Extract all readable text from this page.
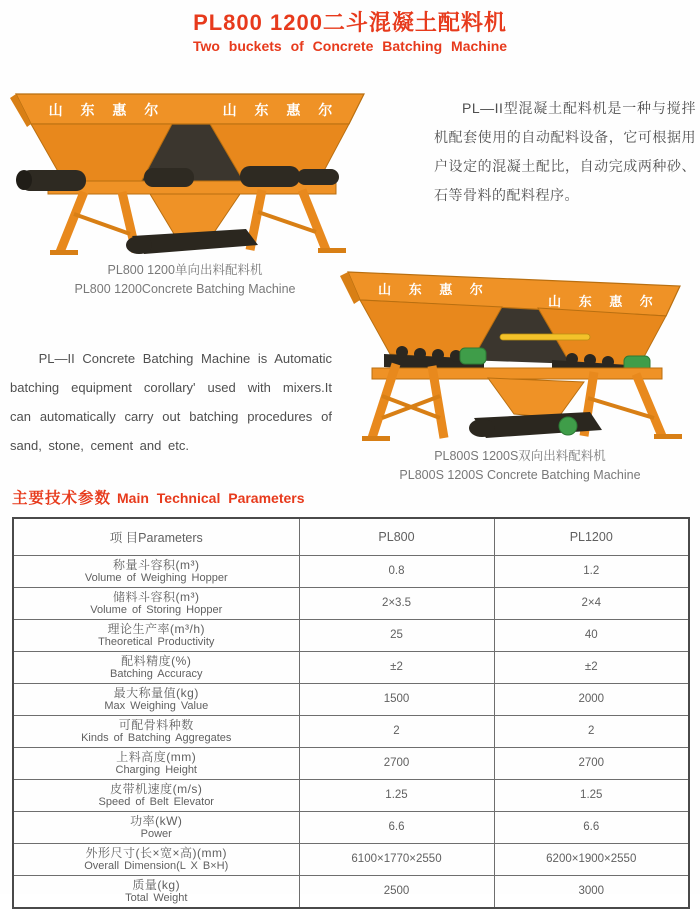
PL800 1200二斗混凝土配料机
Two buckets of Concrete Batching Machine
山 东 惠 尔	山 东 惠 尔
PL800 1200单向出料配料机
PL800 1200Concrete Batching Machine

PL—II型混凝土配料机是一种与搅拌机配套使用的自动配料设备，它可根据用户设定的混凝土配比，自动完成两种砂、石等骨料的配料程序。

PL—II Concrete Batching Machine is Automatic batching equipment corollary' used with mixers.It can automatically carry out batching procedures of sand, stone, cement and etc.

山 东 惠 尔
山 东 惠 尔
PL800S 1200S双向出料配料机
PL800S 1200S Concrete Batching Machine
主要技术参数 Main Technical Parameters
项 目Parameters	PL800	PL1200

称量斗容积(m³)
Volume of Weighing Hopper	0.8	1.2

储料斗容积(m³)
Volume of Storing Hopper	2×3.5	2×4

理论生产率(m³/h)
Theoretical Productivity	25	40

配料精度(%)
Batching Accuracy	±2	±2

最大称量值(kg)
Max Weighing Value	1500	2000

可配骨料种数
Kinds of Batching Aggregates	2	2

上料高度(mm)
Charging Height	2700	2700

皮带机速度(m/s)
Speed of Belt Elevator	1.25	1.25

功率(kW)
Power	6.6	6.6

外形尺寸(长×宽×高)(mm)
Overall Dimension(L X B×H)	6100×1770×2550	6200×1900×2550

质量(kg)
Total Weight	2500	3000
